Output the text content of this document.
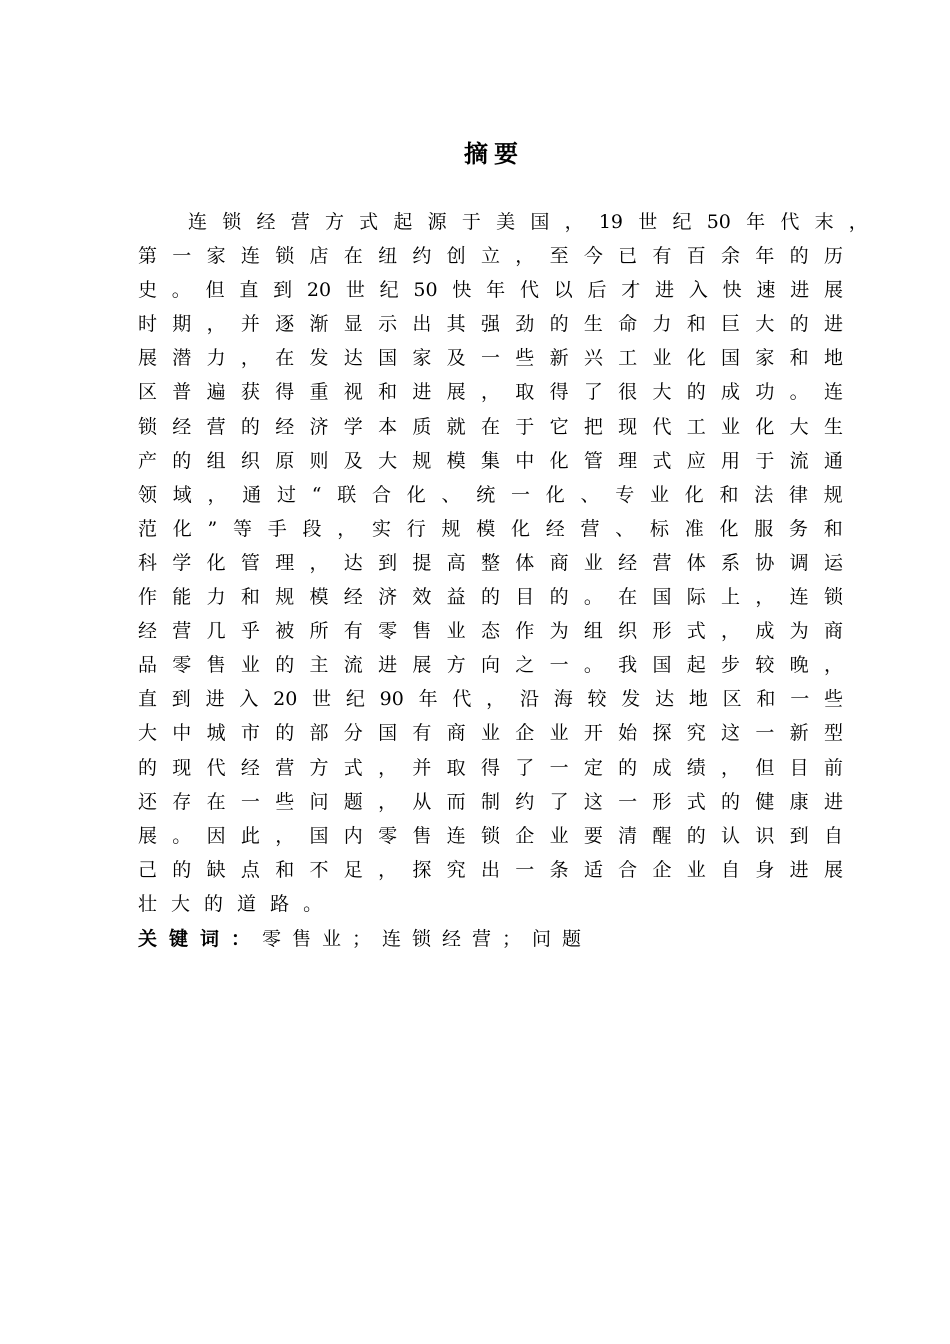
摘要
连 锁 经 营 方 式 起 源 于 美 国 ， 19 世 纪 50 年 代 末 ，
第 一 家 连 锁 店 在 纽 约 创 立 ， 至 今 已 有 百 余 年 的 历
史 。 但 直 到 20 世 纪 50 快 年 代 以 后 才 进 入 快 速 进 展
时 期 ， 并 逐 渐 显 示 出 其 强 劲 的 生 命 力 和 巨 大 的 进
展 潜 力 ， 在 发 达 国 家 及 一 些 新 兴 工 业 化 国 家 和 地
区 普 遍 获 得 重 视 和 进 展 ， 取 得 了 很 大 的 成 功 。 连
锁 经 营 的 经 济 学 本 质 就 在 于 它 把 现 代 工 业 化 大 生
产 的 组 织 原 则 及 大 规 模 集 中 化 管 理 式 应 用 于 流 通
领 域 ， 通 过 “ 联 合 化 、 统 一 化 、 专 业 化 和 法 律 规
范 化 ” 等 手 段 ， 实 行 规 模 化 经 营 、 标 准 化 服 务 和
科 学 化 管 理 ， 达 到 提 高 整 体 商 业 经 营 体 系 协 调 运
作 能 力 和 规 模 经 济 效 益 的 目 的 。 在 国 际 上 ， 连 锁
经 营 几 乎 被 所 有 零 售 业 态 作 为 组 织 形 式 ， 成 为 商
品 零 售 业 的 主 流 进 展 方 向 之 一 。 我 国 起 步 较 晚 ，
直 到 进 入 20 世 纪 90 年 代 ， 沿 海 较 发 达 地 区 和 一 些
大 中 城 市 的 部 分 国 有 商 业 企 业 开 始 探 究 这 一 新 型
的 现 代 经 营 方 式 ， 并 取 得 了 一 定 的 成 绩 ， 但 目 前
还 存 在 一 些 问 题 ， 从 而 制 约 了 这 一 形 式 的 健 康 进
展 。 因 此 ， 国 内 零 售 连 锁 企 业 要 清 醒 的 认 识 到 自
己 的 缺 点 和 不 足 ， 探 究 出 一 条 适 合 企 业 自 身 进 展
壮 大 的 道 路 。
关键词： 零售业；连锁经营；问题
